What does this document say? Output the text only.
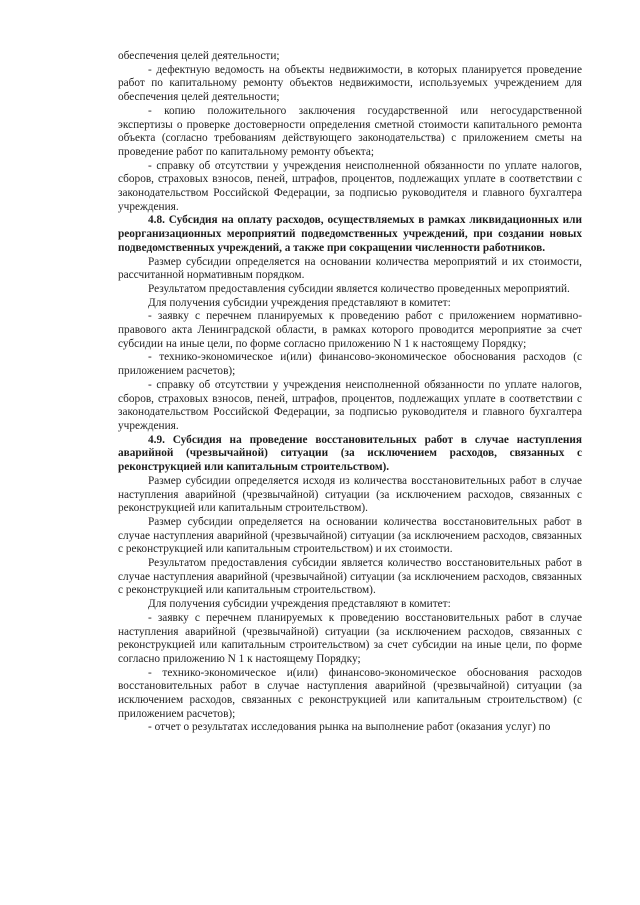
обеспечения целей деятельности;

- дефектную ведомость на объекты недвижимости, в которых планируется проведение работ по капитальному ремонту объектов недвижимости, используемых учреждением для обеспечения целей деятельности;

- копию положительного заключения государственной или негосударственной экспертизы о проверке достоверности определения сметной стоимости капитального ремонта объекта (согласно требованиям действующего законодательства) с приложением сметы на проведение работ по капитальному ремонту объекта;

- справку об отсутствии у учреждения неисполненной обязанности по уплате налогов, сборов, страховых взносов, пеней, штрафов, процентов, подлежащих уплате в соответствии с законодательством Российской Федерации, за подписью руководителя и главного бухгалтера учреждения.

4.8. Субсидия на оплату расходов, осуществляемых в рамках ликвидационных или реорганизационных мероприятий подведомственных учреждений, при создании новых подведомственных учреждений, а также при сокращении численности работников.

Размер субсидии определяется на основании количества мероприятий и их стоимости, рассчитанной нормативным порядком.

Результатом предоставления субсидии является количество проведенных мероприятий.

Для получения субсидии учреждения представляют в комитет:

- заявку с перечнем планируемых к проведению работ с приложением нормативно-правового акта Ленинградской области, в рамках которого проводится мероприятие за счет субсидии на иные цели, по форме согласно приложению N 1 к настоящему Порядку;

- технико-экономическое и(или) финансово-экономическое обоснования расходов (с приложением расчетов);

- справку об отсутствии у учреждения неисполненной обязанности по уплате налогов, сборов, страховых взносов, пеней, штрафов, процентов, подлежащих уплате в соответствии с законодательством Российской Федерации, за подписью руководителя и главного бухгалтера учреждения.

4.9. Субсидия на проведение восстановительных работ в случае наступления аварийной (чрезвычайной) ситуации (за исключением расходов, связанных с реконструкцией или капитальным строительством).

Размер субсидии определяется исходя из количества восстановительных работ в случае наступления аварийной (чрезвычайной) ситуации (за исключением расходов, связанных с реконструкцией или капитальным строительством).

Размер субсидии определяется на основании количества восстановительных работ в случае наступления аварийной (чрезвычайной) ситуации (за исключением расходов, связанных с реконструкцией или капитальным строительством) и их стоимости.

Результатом предоставления субсидии является количество восстановительных работ в случае наступления аварийной (чрезвычайной) ситуации (за исключением расходов, связанных с реконструкцией или капитальным строительством).

Для получения субсидии учреждения представляют в комитет:

- заявку с перечнем планируемых к проведению восстановительных работ в случае наступления аварийной (чрезвычайной) ситуации (за исключением расходов, связанных с реконструкцией или капитальным строительством) за счет субсидии на иные цели, по форме согласно приложению N 1 к настоящему Порядку;

- технико-экономическое и(или) финансово-экономическое обоснования расходов восстановительных работ в случае наступления аварийной (чрезвычайной) ситуации (за исключением расходов, связанных с реконструкцией или капитальным строительством) (с приложением расчетов);

- отчет о результатах исследования рынка на выполнение работ (оказания услуг) по
